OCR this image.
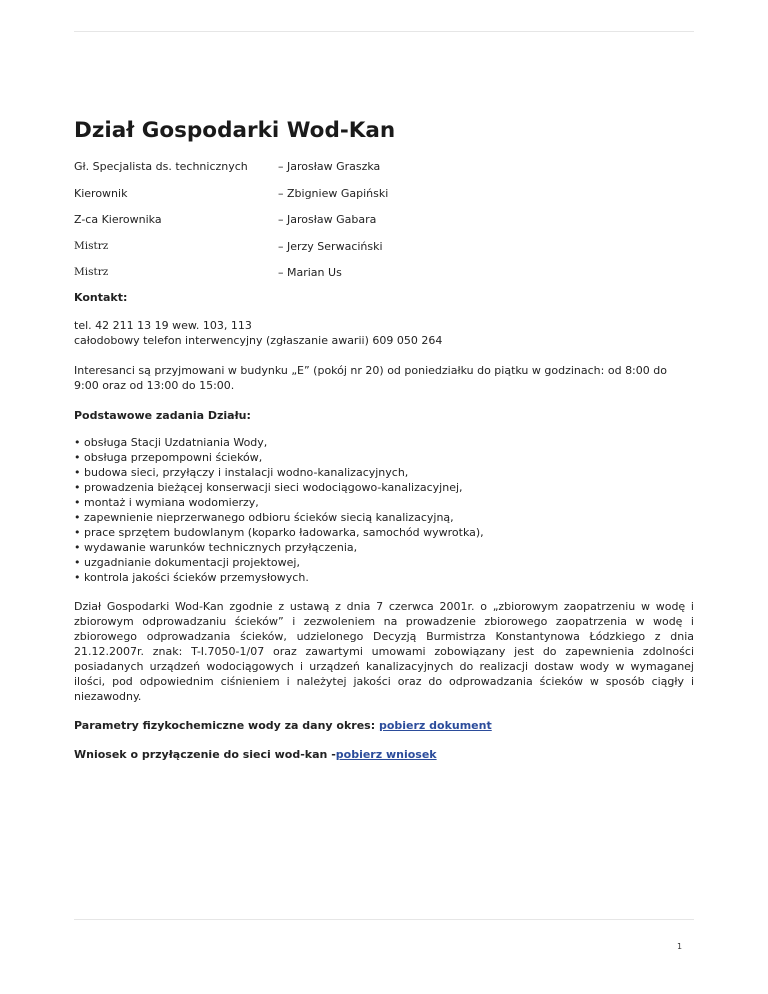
Dział Gospodarki Wod-Kan
Gł. Specjalista ds. technicznych	– Jarosław Graszka
Kierownik	– Zbigniew Gapiński
Z-ca Kierownika	– Jarosław Gabara
Mistrz	– Jerzy Serwaciński
Mistrz	– Marian Us

Kontakt:

tel. 42 211 13 19 wew. 103, 113

całodobowy telefon interwencyjny (zgłaszanie awarii) 609 050 264

Interesanci są przyjmowani w budynku „E” (pokój nr 20) od poniedziałku do piątku w godzinach: od 8:00 do 9:00 oraz od 13:00 do 15:00.

Podstawowe zadania Działu:

• obsługa Stacji Uzdatniania Wody,
• obsługa przepompowni ścieków,
• budowa sieci, przyłączy i instalacji wodno-kanalizacyjnych,
• prowadzenia bieżącej konserwacji sieci wodociągowo-kanalizacyjnej,
• montaż i wymiana wodomierzy,
• zapewnienie nieprzerwanego odbioru ścieków siecią kanalizacyjną,
• prace sprzętem budowlanym (koparko ładowarka, samochód wywrotka),
• wydawanie warunków technicznych przyłączenia,
• uzgadnianie dokumentacji projektowej,
• kontrola jakości ścieków przemysłowych.

Dział Gospodarki Wod-Kan zgodnie z ustawą z dnia 7 czerwca 2001r. o „zbiorowym zaopatrzeniu w wodę i zbiorowym odprowadzaniu ścieków” i zezwoleniem na prowadzenie zbiorowego zaopatrzenia w wodę i zbiorowego odprowadzania ścieków, udzielonego Decyzją Burmistrza Konstantynowa Łódzkiego z dnia 21.12.2007r. znak: T-I.7050-1/07 oraz zawartymi umowami zobowiązany jest do zapewnienia zdolności posiadanych urządzeń wodociągowych i urządzeń kanalizacyjnych do realizacji dostaw wody w wymaganej ilości, pod odpowiednim ciśnieniem i należytej jakości oraz do odprowadzania ścieków w sposób ciągły i niezawodny.

Parametry fizykochemiczne wody za dany okres: pobierz dokument

Wniosek o przyłączenie do sieci wod-kan -pobierz wniosek

1
